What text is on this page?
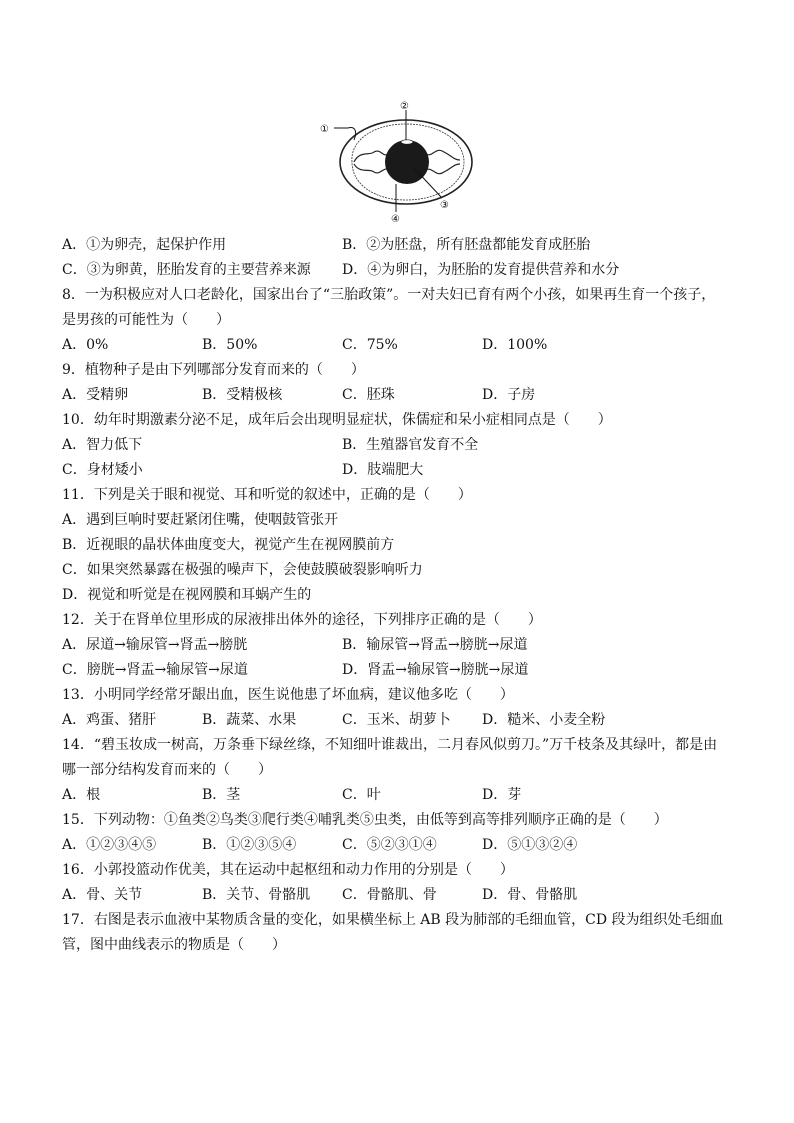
①
②
③
④
A．①为卵壳，起保护作用	B．②为胚盘，所有胚盘都能发育成胚胎
C．③为卵黄，胚胎发育的主要营养来源 D．④为卵白，为胚胎的发育提供营养和水分
8．一为积极应对人口老龄化，国家出台了“三胎政策”。一对夫妇已育有两个小孩，如果再生育一个孩子，
是男孩的可能性为（　　）
A．0%	B．50%	C．75%	D．100%
9．植物种子是由下列哪部分发育而来的（　　）
A．受精卵	B．受精极核	C．胚珠	D．子房
10．幼年时期激素分泌不足，成年后会出现明显症状，侏儒症和呆小症相同点是（　　）
A．智力低下	B．生殖器官发育不全
C．身材矮小	D．肢端肥大
11．下列是关于眼和视觉、耳和听觉的叙述中，正确的是（　　）
A．遇到巨响时要赶紧闭住嘴，使咽鼓管张开
B．近视眼的晶状体曲度变大，视觉产生在视网膜前方
C．如果突然暴露在极强的噪声下，会使鼓膜破裂影响听力
D．视觉和听觉是在视网膜和耳蜗产生的
12．关于在肾单位里形成的尿液排出体外的途径，下列排序正确的是（　　）
A．尿道→输尿管→肾盂→膀胱	B．输尿管→肾盂→膀胱→尿道
C．膀胱→肾盂→输尿管→尿道	D．肾盂→输尿管→膀胱→尿道
13．小明同学经常牙龈出血，医生说他患了坏血病，建议他多吃（　　）
A．鸡蛋、猪肝	B．蔬菜、水果	C．玉米、胡萝卜 D．糙米、小麦全粉
14．“碧玉妆成一树高，万条垂下绿丝绦，不知细叶谁裁出，二月春风似剪刀。”万千枝条及其绿叶，都是由
哪一部分结构发育而来的（　　）
A．根	B．茎	C．叶	D．芽
15．下列动物：①鱼类②鸟类③爬行类④哺乳类⑤虫类，由低等到高等排列顺序正确的是（　　）
A．①②③④⑤	B．①②③⑤④	C．⑤②③①④	D．⑤①③②④
16．小郭投篮动作优美，其在运动中起枢纽和动力作用的分别是（　　）
A．骨、关节	B．关节、骨骼肌 C．骨骼肌、骨	D．骨、骨骼肌
17．右图是表示血液中某物质含量的变化，如果横坐标上 AB 段为肺部的毛细血管，CD 段为组织处毛细血
管，图中曲线表示的物质是（　　）
